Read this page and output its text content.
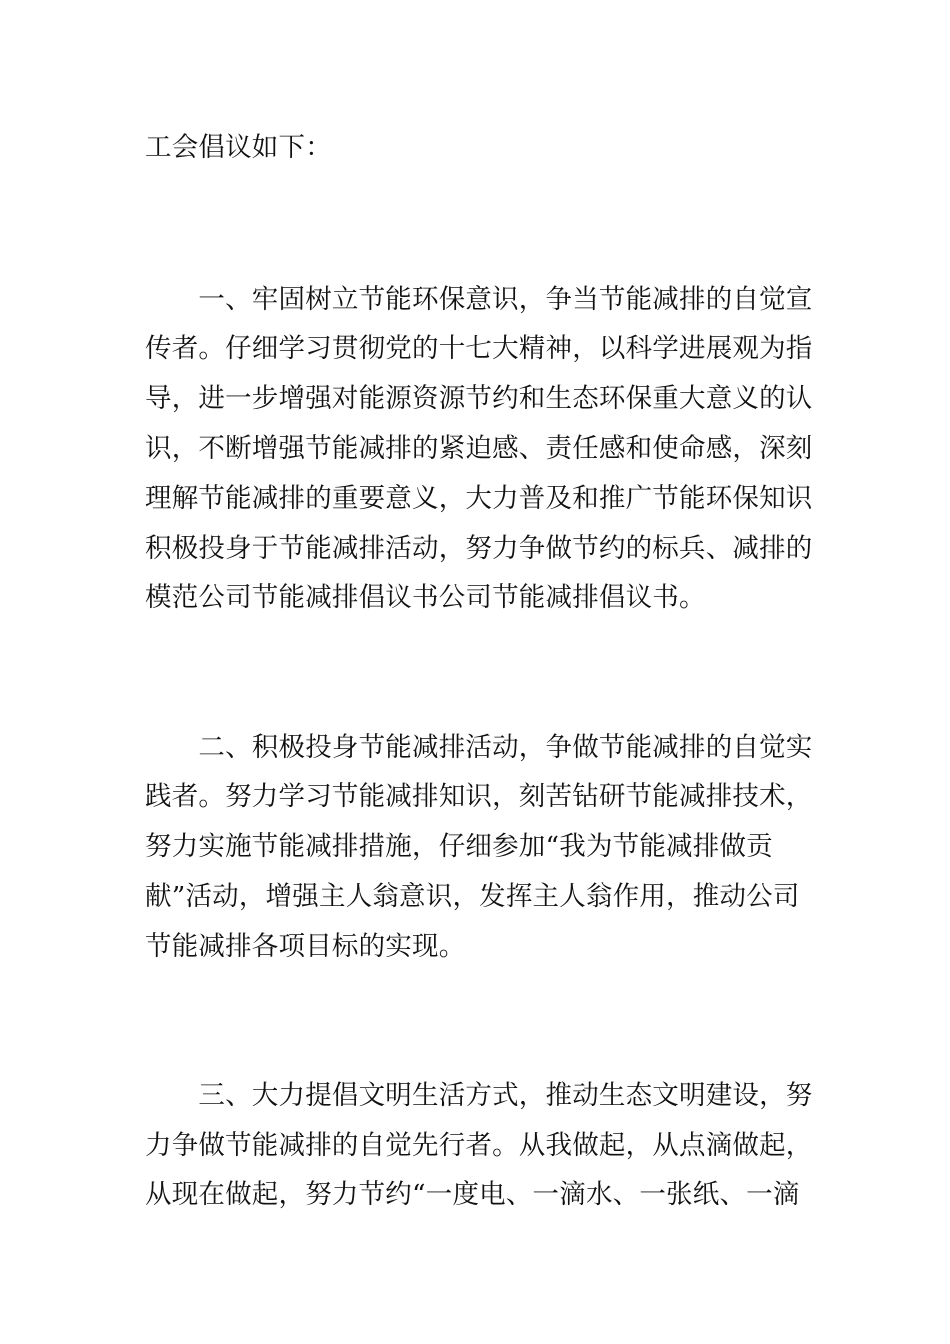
工会倡议如下：
　　一、牢固树立节能环保意识，争当节能减排的自觉宣
传者。仔细学习贯彻党的十七大精神，以科学进展观为指
导，进一步增强对能源资源节约和生态环保重大意义的认
识，不断增强节能减排的紧迫感、责任感和使命感，深刻
理解节能减排的重要意义，大力普及和推广节能环保知识
积极投身于节能减排活动，努力争做节约的标兵、减排的
模范公司节能减排倡议书公司节能减排倡议书。
　　二、积极投身节能减排活动，争做节能减排的自觉实
践者。努力学习节能减排知识，刻苦钻研节能减排技术，
努力实施节能减排措施，仔细参加“我为节能减排做贡
献”活动，增强主人翁意识，发挥主人翁作用，推动公司
节能减排各项目标的实现。
　　三、大力提倡文明生活方式，推动生态文明建设，努
力争做节能减排的自觉先行者。从我做起，从点滴做起，
从现在做起，努力节约“一度电、一滴水、一张纸、一滴
